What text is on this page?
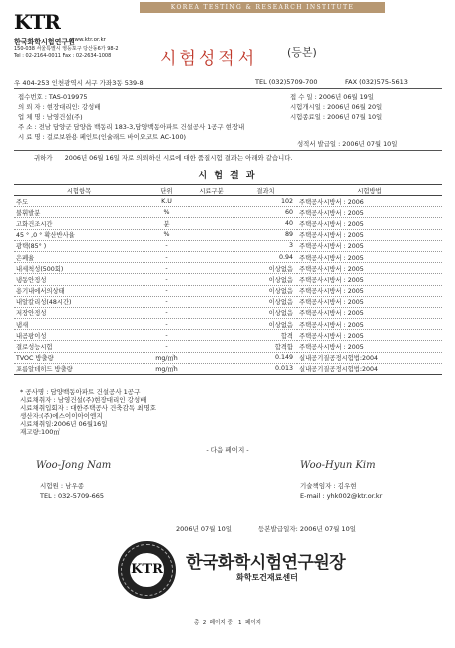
KOREA TESTING & RESEARCH INSTITUTE
KTR
한국화학시험연구원
www.ktr.or.kr
150-038 서울특별시 영등포구 당산동6가 98-2
Tel : 02-2164-0011 Fax : 02-2634-1008	시험성적서	(등본)
우 404-253 인천광역시 서구 가좌3동 539-8	TEL (032)5709-700	FAX (032)575-5613
접수번호 : TAS-019975
의 뢰 자 : 현장대리인: 강성배
업 체 명 : 남영건설(주)
주 소 : 전남 담양군 담양읍 백동리 183-3,담양백동아파트 건설공사 1공구 현장내
시 료 명 : 걸로보완용 페인트(인슐래드 바이오코트 AC-100)
접 수 일 : 2006년 06월 19일
시험개시일 : 2006년 06월 20일
시험종료일 : 2006년 07월 10일
성적서 발급일 : 2006년 07월 10일
귀하가      2006년 06월 16일 자로 의뢰하신 시료에 대한 품질시험 결과는 아래와 같습니다.
시 험 결 과
시험항목	단위	시료구분	결과치	시험방법
주도	K.U		102	주택공사시방서 : 2006
불휘발분	%		60	주택공사시방서 : 2005
고화건조시간	분		40	주택공사시방서 : 2005
45 ° ,0 ° 확산반사율	%		89	주택공사시방서 : 2005
광택(85° )	-		3	주택공사시방서 : 2005
은폐율	-		0.94	주택공사시방서 : 2005
내세척성(500회)	-		이상없음	주택공사시방서 : 2005
냉동안정성	-		이상없음	주택공사시방서 : 2005
용기내에서의상태	-		이상없음	주택공사시방서 : 2005
내알칼리성(48시간)	-		이상없음	주택공사시방서 : 2005
저장안정성	-		이상없음	주택공사시방서 : 2005
냄새	-		이상없음	주택공사시방서 : 2005
내곰팡이성	-		합격	주택공사시방서 : 2005
결로성능시험	-		합격함	주택공사시방서 : 2005
TVOC 방출량	mg/㎡h		0.149	실내공기질공정시험법:2004
포름알데히드 방출량	mg/㎡h		0.013	실내공기질공정시험법:2004
* 공사명 : 담양백동아파트 건설공사 1공구
시료채취자 : 남영건설(주)현장대리인 강성배
시료채취입회자 : 대한주택공사 건축감독 최명호
생산자:(주)에스이이아이엔지
시료채취일:2006년 06월16일
재고량:100㎡
- 다음 페이지 -
Woo-Jong Nam
시험원 : 남우종
TEL : 032-5709-665
Woo-Hyun Kim
기술책임자 : 김우현
E-mail : yhk002@ktr.or.kr
2006년 07월 10일	등본발급일자: 2006년 07월 10일
KTR 한국화학시험연구원장
화학토건재료센터
총  2  페이지 중   1  페이지
